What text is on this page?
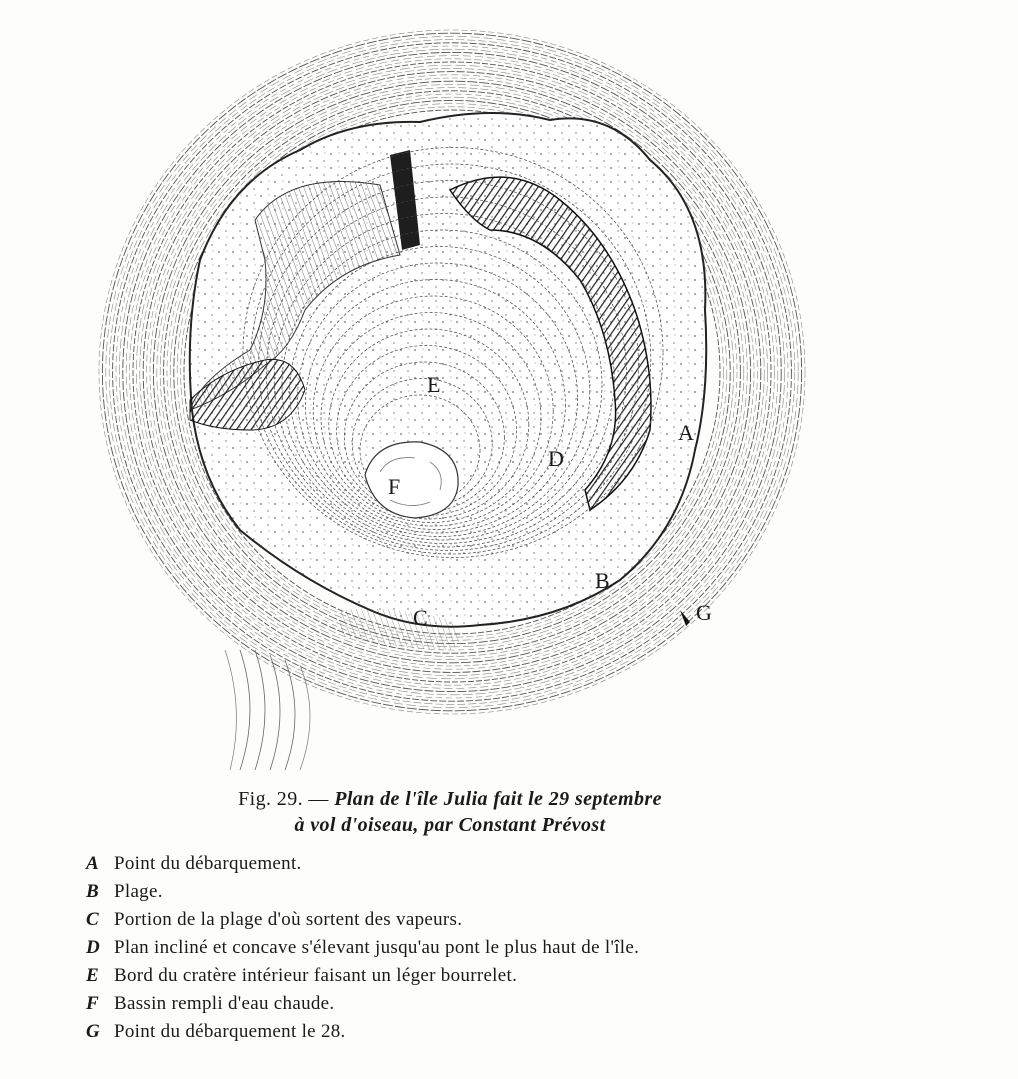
A
B
C
D
E
F
G
Fig. 29. — Plan de l'île Julia fait le 29 septembre
à vol d'oiseau, par Constant Prévost
A Point du débarquement.
B Plage.
C Portion de la plage d'où sortent des vapeurs.
D Plan incliné et concave s'élevant jusqu'au pont le plus haut de l'île.
E Bord du cratère intérieur faisant un léger bourrelet.
F Bassin rempli d'eau chaude.
G Point du débarquement le 28.
